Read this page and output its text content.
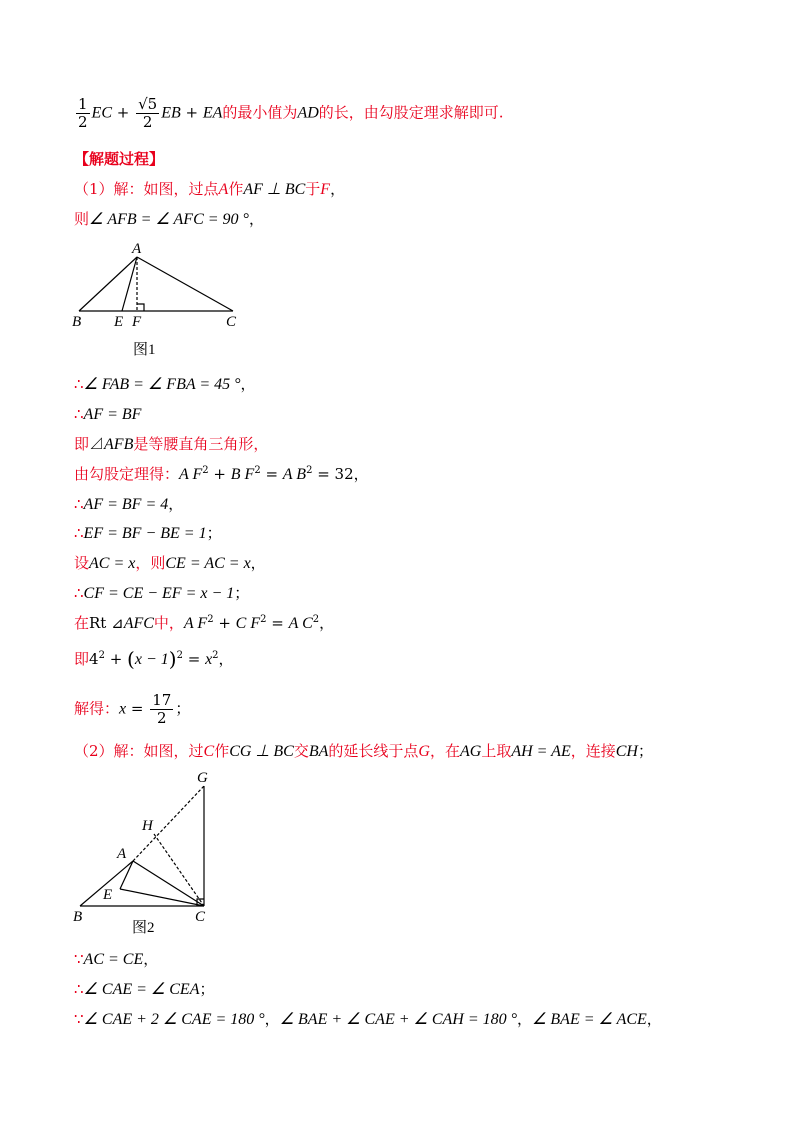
$\frac{1}{2}$ EC + $\frac{√5}{2}$ EB + EA的最小值为AD的长，由勾股定理求解即可.
【解题过程】
（1）解：如图，过点A作AF ⊥ BC于F，
则∠ AFB = ∠ AFC = 90 °，
A
B E F	C
图1
∴∠ FAB = ∠ FBA = 45 °，
∴AF = BF
即⊿AFB是等腰直角三角形，
由勾股定理得：A $F^2 + B$ $F^2 = A$ $B^2 = 32$，
∴AF = BF = 4，
∴EF = BF − BE = 1；
设AC = x，则CE = AC = x，
∴CF = CE − EF = x − 1；
在Rt ⊿AFC中，A $F^2 + C$ $F^2 = A$ $C^2$，
即$4^2 + (x - 1)^2 = x^2$，
解得：$x = \frac{17}{2}$ ；
（2）解：如图，过C作CG ⊥ BC交BA的延长线于点G，在AG上取AH = AE，连接CH；
G
H
A
E
B	C
图2
∵AC = CE，
∴∠ CAE = ∠ CEA；
∵∠ CAE + 2 ∠ CAE = 180 °，∠ BAE + ∠ CAE + ∠ CAH = 180 °，∠ BAE = ∠ ACE，
